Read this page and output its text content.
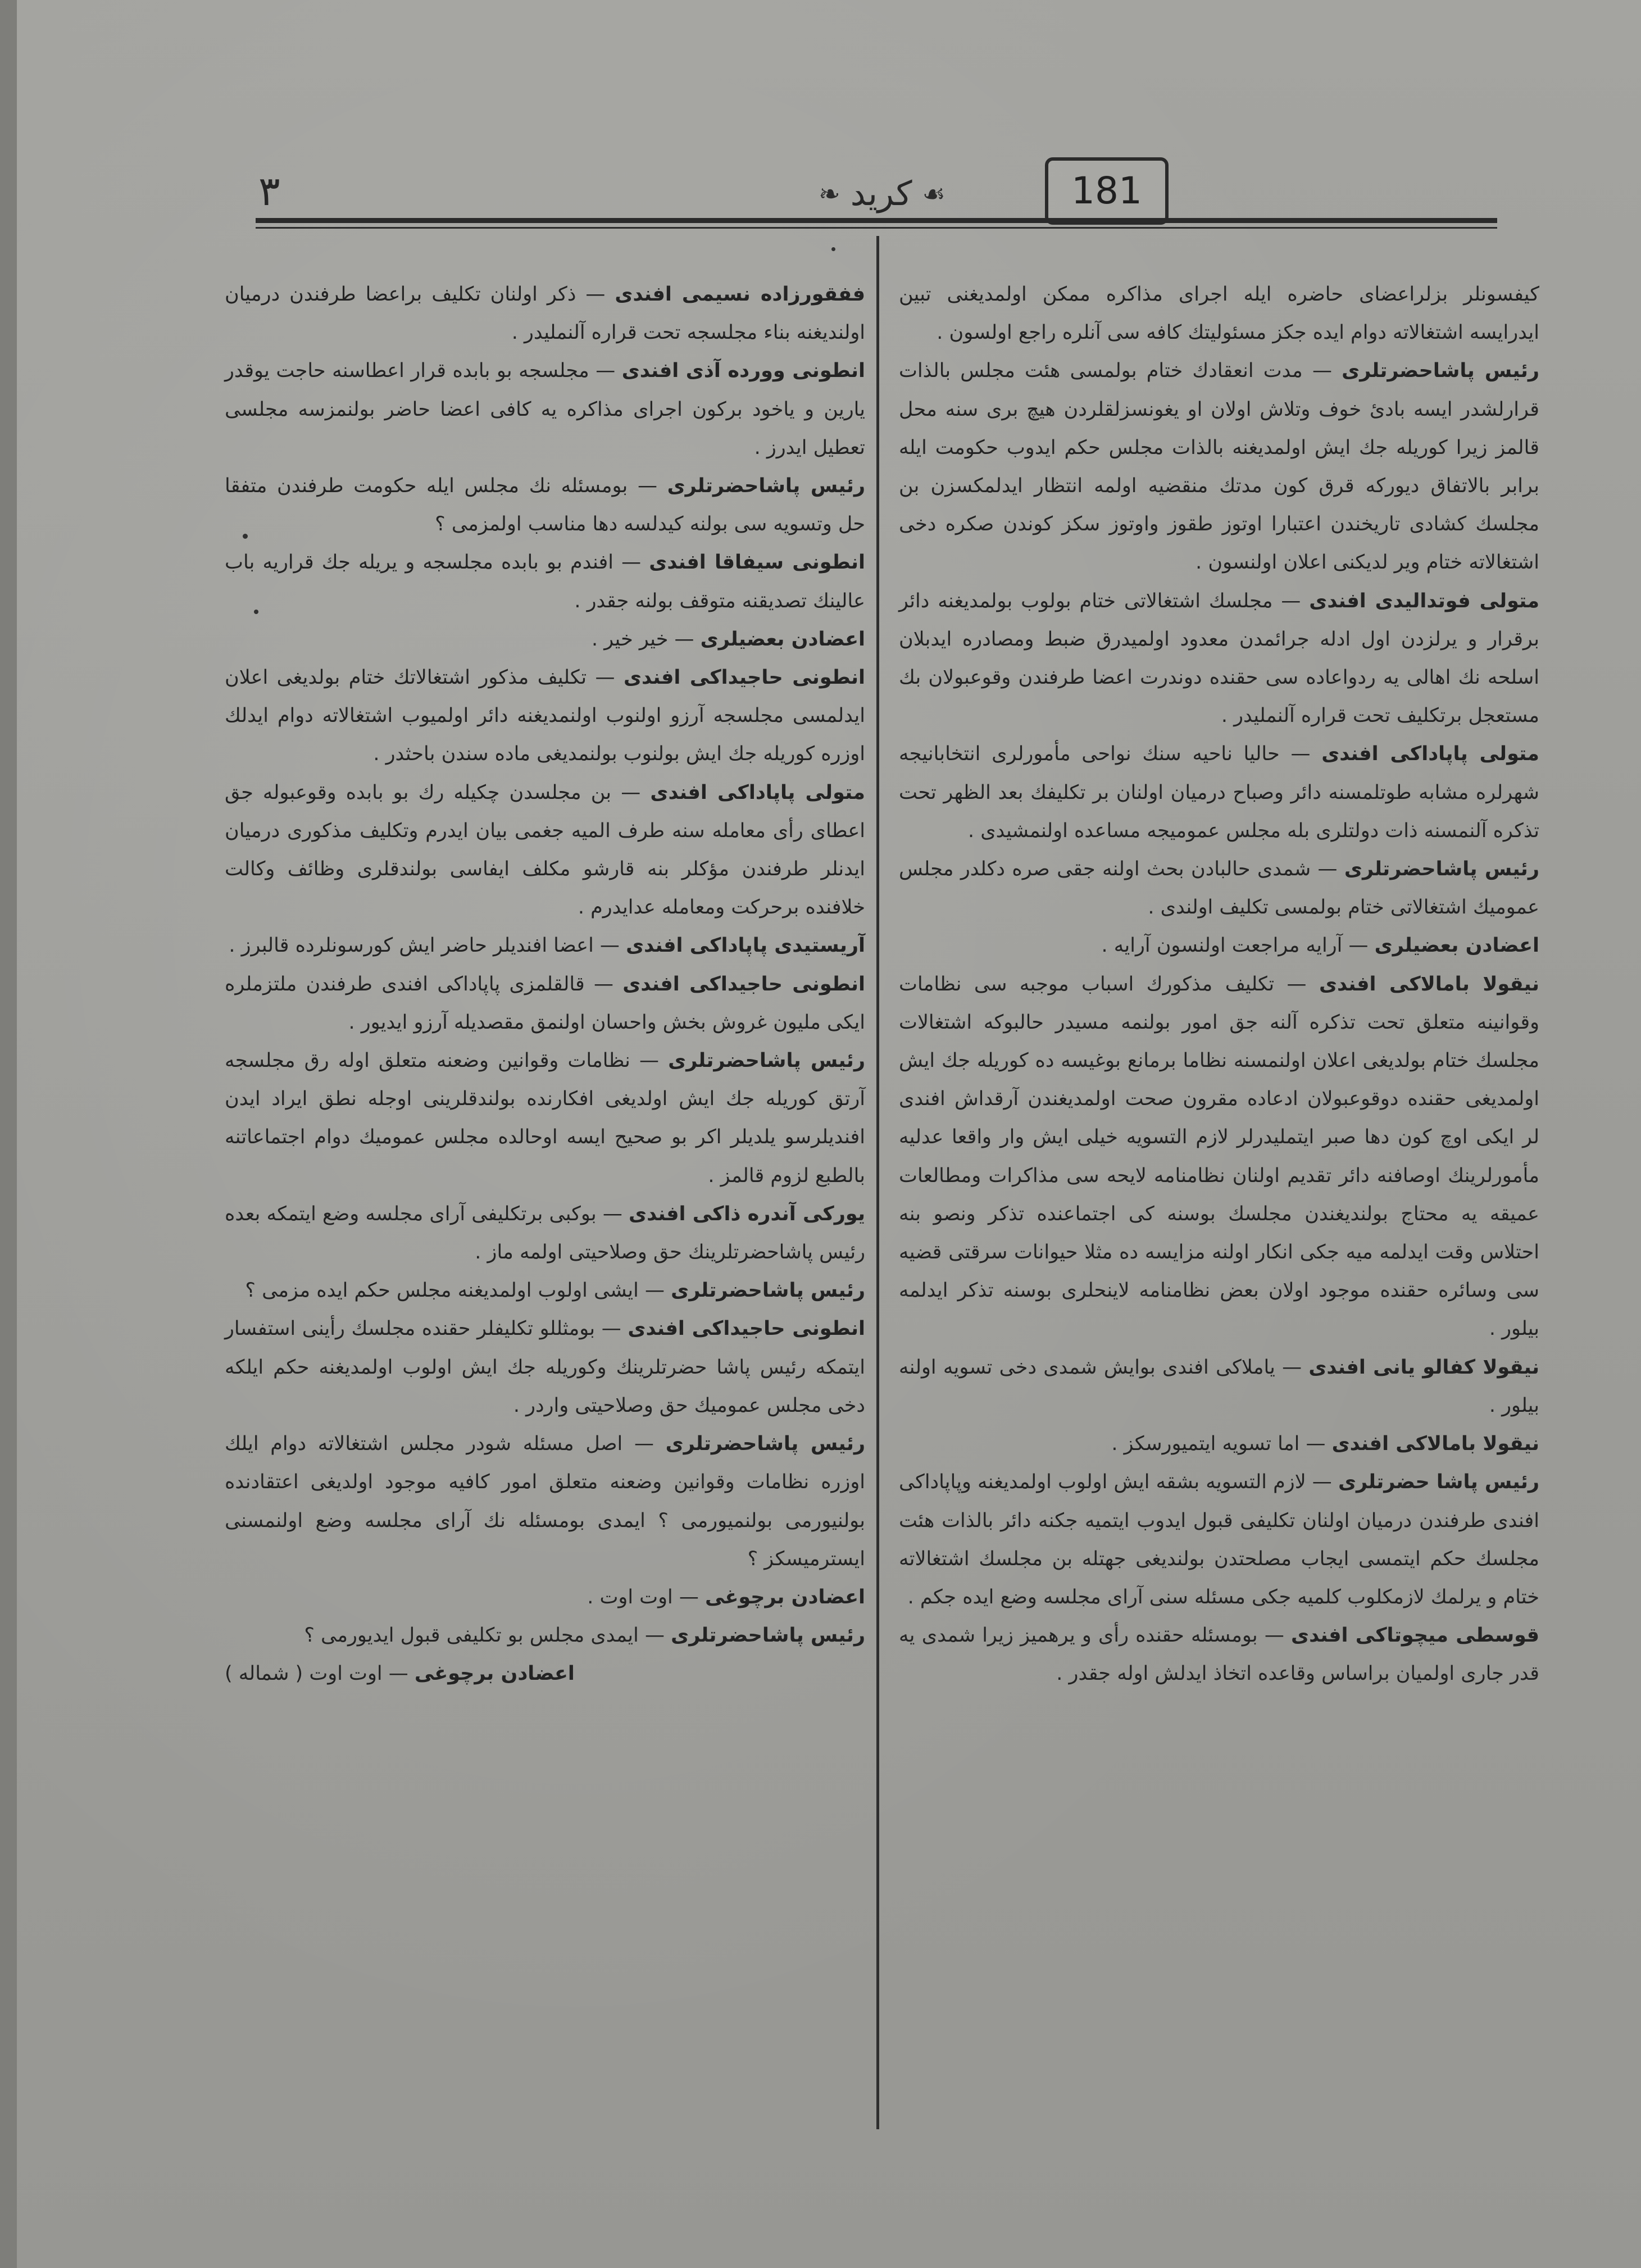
٣	☙
كريد
❧	181

كيفسونلر بزلراعضاى حاضره ايله اجراى مذاكره ممكن اولمديغنى تبين ايدرايسه اشتغالاته دوام ايده جكز مسئوليتك كافه سى آنلره راجع اولسون .

رئيس پاشاحضرتلرى — مدت انعقادك ختام بولمسى هئت مجلس بالذات قرارلشدر ايسه بادئ خوف وتلاش اولان او يغونسزلقلردن هيچ برى سنه محل قالمز زيرا كوريله جك ايش اولمديغنه بالذات مجلس حكم ايدوب حكومت ايله برابر بالاتفاق ديوركه قرق كون مدتك منقضيه اولمه انتظار ايدلمكسزن بن مجلسك كشادى تاريخندن اعتبارا اوتوز طقوز واوتوز سكز كوندن صكره دخى اشتغالاته ختام وير لديكنى اعلان اولنسون .

متولى فوتداليدى افندى — مجلسك اشتغالاتى ختام بولوب بولمديغنه دائر برقرار و يرلزدن اول ادله جرائمدن معدود اولميدرق ضبط ومصادره ايدبلان اسلحه نك اهالى يه ردواعاده سى حقنده دوندرت اعضا طرفندن وقوعبولان بك مستعجل برتكليف تحت قراره آلنمليدر .

متولى پاپاداكى افندى — حاليا ناحيه سنك نواحى مأمورلرى انتخابانيجه شهرلره مشابه طوتلمسنه دائر وصباح درميان اولنان بر تكليفك بعد الظهر تحت تذكره آلنمسنه ذات دولتلرى بله مجلس عموميجه مساعده اولنمشيدى .

رئيس پاشاحضرتلرى — شمدى حالبادن بحث اولنه جقى صره دكلدر مجلس عموميك اشتغالاتى ختام بولمسى تكليف اولندى .

اعضادن بعضيلرى — آرايه مراجعت اولنسون آرايه .

نيقولا بامالاكى افندى — تكليف مذكورك اسباب موجبه سى نظامات وقوانينه متعلق تحت تذكره آلنه جق امور بولنمه مسيدر حالبوكه اشتغالات مجلسك ختام بولديغى اعلان اولنمسنه نظاما برمانع بوغيسه ده كوريله جك ايش اولمديغى حقنده دوقوعبولان ادعاده مقرون صحت اولمديغندن آرقداش افندى لر ايكى اوچ كون دها صبر ايتمليدرلر لازم التسويه خيلى ايش وار واقعا عدليه مأمورلرينك اوصافنه دائر تقديم اولنان نظامنامه لايحه سى مذاكرات ومطالعات عميقه يه محتاج بولنديغندن مجلسك بوسنه كى اجتماعنده تذكر ونصو بنه احتلاس وقت ايدلمه ميه جكى انكار اولنه مزايسه ده مثلا حيوانات سرقتى قضيه سى وسائره حقنده موجود اولان بعض نظامنامه لاينحلرى بوسنه تذكر ايدلمه بيلور .

نيقولا كفالو يانى افندى — ياملاكى افندى بوايش شمدى دخى تسويه اولنه بيلور .

نيقولا بامالاكى افندى — اما تسويه ايتميورسكز .

رئيس پاشا حضرتلرى — لازم التسويه بشقه ايش اولوب اولمديغنه وپاپاداكى افندى طرفندن درميان اولنان تكليفى قبول ايدوب ايتميه جكنه دائر بالذات هئت مجلسك حكم ايتمسى ايجاب مصلحتدن بولنديغى جهتله بن مجلسك اشتغالاته ختام و يرلمك لازمكلوب كلميه جكى مسئله سنى آراى مجلسه وضع ايده جكم .

قوسطى ميچوتاكى افندى — بومسئله حقنده رأى و يرهميز زيرا شمدى يه قدر جارى اولميان براساس وقاعده اتخاذ ايدلش اوله جقدر .

ففقورزاده نسيمى افندى — ذكر اولنان تكليف براعضا طرفندن درميان اولنديغنه بناء مجلسجه تحت قراره آلنمليدر .

انطونى وورده آذى افندى — مجلسجه بو بابده قرار اعطاسنه حاجت يوقدر يارين و ياخود بركون اجراى مذاكره يه كافى اعضا حاضر بولنمزسه مجلسى تعطيل ايدرز .

رئيس پاشاحضرتلرى — بومسئله نك مجلس ايله حكومت طرفندن متفقا حل وتسويه سى بولنه كيدلسه دها مناسب اولمزمى ؟

انطونى سيفاقا افندى — افندم بو بابده مجلسجه و يريله جك قراريه باب عالينك تصديقنه متوقف بولنه جقدر .

اعضادن بعضيلرى — خير خير .

انطونى حاجيداكى افندى — تكليف مذكور اشتغالاتك ختام بولديغى اعلان ايدلمسى مجلسجه آرزو اولنوب اولنمديغنه دائر اولميوب اشتغالاته دوام ايدلك اوزره كوريله جك ايش بولنوب بولنمديغى ماده سندن باحثدر .

متولى پاپاداكى افندى — بن مجلسدن چكيله رك بو بابده وقوعبوله جق اعطاى رأى معامله سنه طرف الميه جغمى بيان ايدرم وتكليف مذكورى درميان ايدنلر طرفندن مؤكلر بنه قارشو مكلف ايفاسى بولندقلرى وظائف وكالت خلافنده برحركت ومعامله عدايدرم .

آريستيدى پاپاداكى افندى — اعضا افنديلر حاضر ايش كورسونلرده قالبرز .

انطونى حاجيداكى افندى — قالقلمزى پاپاداكى افندى طرفندن ملتزملره ايكى مليون غروش بخش واحسان اولنمق مقصديله آرزو ايديور .

رئيس پاشاحضرتلرى — نظامات وقوانين وضعنه متعلق اوله رق مجلسجه آرتق كوريله جك ايش اولديغى افكارنده بولندقلرينى اوجله نطق ايراد ايدن افنديلرسو يلديلر اكر بو صحيح ايسه اوحالده مجلس عموميك دوام اجتماعاتنه بالطبع لزوم قالمز .

يوركى آندره ذاكى افندى — بوكبى برتكليفى آراى مجلسه وضع ايتمكه بعده رئيس پاشاحضرتلرينك حق وصلاحيتى اولمه ماز .

رئيس پاشاحضرتلرى — ايشى اولوب اولمديغنه مجلس حكم ايده مزمى ؟

انطونى حاجيداكى افندى — بومثللو تكليفلر حقنده مجلسك رأينى استفسار ايتمكه رئيس پاشا حضرتلرينك وكوريله جك ايش اولوب اولمديغنه حكم ايلكه دخى مجلس عموميك حق وصلاحيتى واردر .

رئيس پاشاحضرتلرى — اصل مسئله شودر مجلس اشتغالاته دوام ايلك اوزره نظامات وقوانين وضعنه متعلق امور كافيه موجود اولديغى اعتقادنده بولنيورمى بولنميورمى ؟ ايمدى بومسئله نك آراى مجلسه وضع اولنمسنى ايسترميسكز ؟

اعضادن برچوغى — اوت اوت .

رئيس پاشاحضرتلرى — ايمدى مجلس بو تكليفى قبول ايديورمى ؟

اعضادن برچوغى — اوت اوت ( شماله )
